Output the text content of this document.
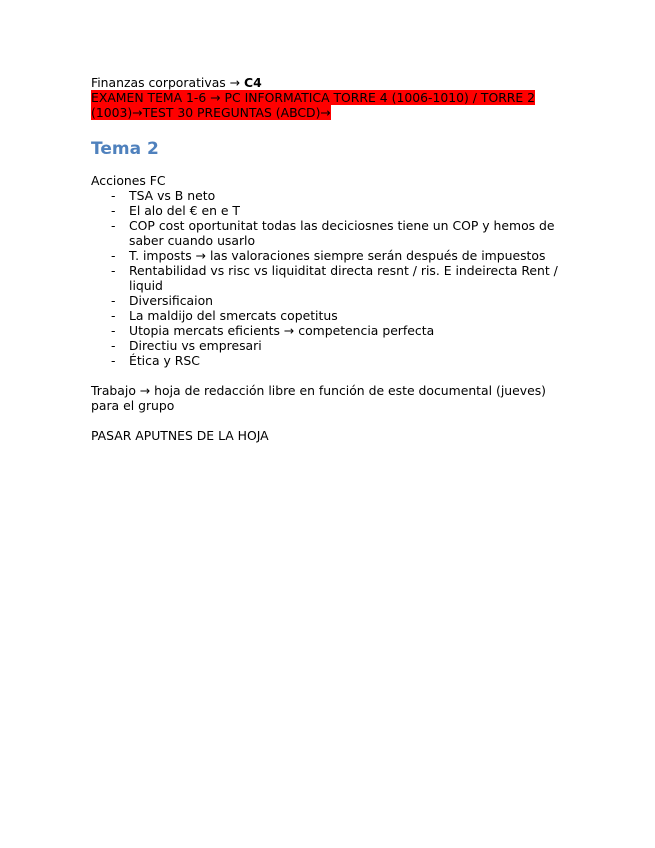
Finanzas corporativas → C4

EXAMEN TEMA 1-6 → PC INFORMATICA TORRE 4 (1006-1010) / TORRE 2 (1003)→TEST 30 PREGUNTAS (ABCD)→

Tema 2

Acciones FC

- TSA vs B neto
- El alo del € en e T
- COP cost oportunitat todas las deciciosnes tiene un COP y hemos de saber cuando usarlo
- T. imposts → las valoraciones siempre serán después de impuestos
- Rentabilidad vs risc vs liquiditat directa resnt / ris. E indeirecta Rent / liquid
- Diversificaion
- La maldijo del smercats copetitus
- Utopia mercats eficients → competencia perfecta
- Directiu vs empresari
- Ética y RSC

Trabajo → hoja de redacción libre en función de este documental (jueves) para el grupo

PASAR APUTNES DE LA HOJA
